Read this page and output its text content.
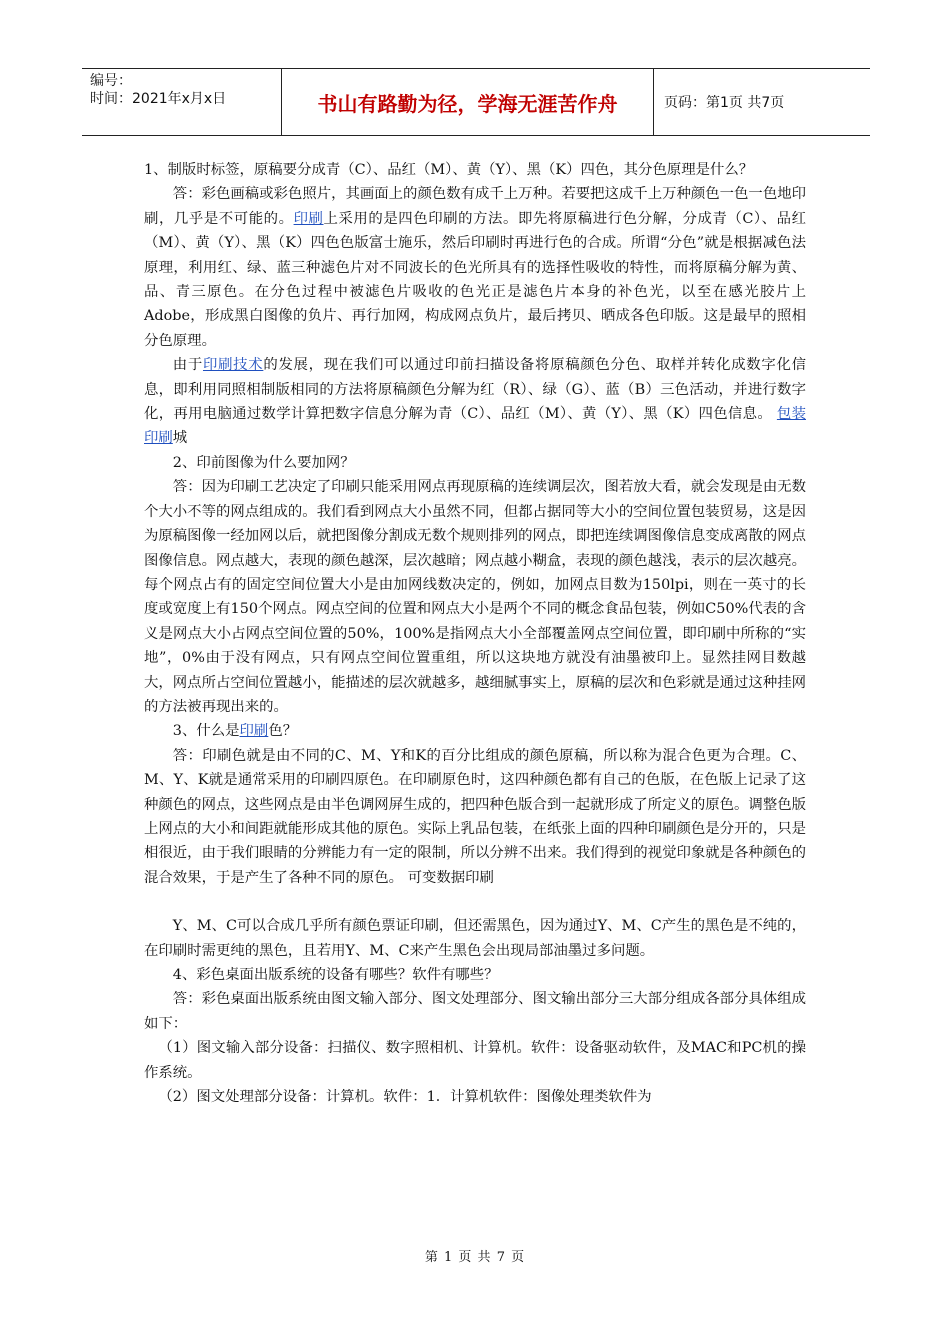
编号：
时间：2021年x月x日	书山有路勤为径，学海无涯苦作舟	页码：第1页 共7页

1、制版时标签，原稿要分成青（C）、品红（M）、黄（Y）、黑（K）四色，其分色原理是什么？

答：彩色画稿或彩色照片，其画面上的颜色数有成千上万种。若要把这成千上万种颜色一色一色地印刷，几乎是不可能的。印刷上采用的是四色印刷的方法。即先将原稿进行色分解，分成青（C）、品红（M）、黄（Y）、黑（K）四色色版富士施乐，然后印刷时再进行色的合成。所谓“分色”就是根据减色法原理，利用红、绿、蓝三种滤色片对不同波长的色光所具有的选择性吸收的特性，而将原稿分解为黄、品、青三原色。在分色过程中被滤色片吸收的色光正是滤色片本身的补色光，以至在感光胶片上Adobe，形成黑白图像的负片、再行加网，构成网点负片，最后拷贝、晒成各色印版。这是最早的照相分色原理。

由于印刷技术的发展，现在我们可以通过印前扫描设备将原稿颜色分色、取样并转化成数字化信息，即利用同照相制版相同的方法将原稿颜色分解为红（R）、绿（G）、蓝（B）三色活动，并进行数字化，再用电脑通过数学计算把数字信息分解为青（C）、品红（M）、黄（Y）、黑（K）四色信息。 包装印刷城

2、印前图像为什么要加网？

答：因为印刷工艺决定了印刷只能采用网点再现原稿的连续调层次，图若放大看，就会发现是由无数个大小不等的网点组成的。我们看到网点大小虽然不同，但都占据同等大小的空间位置包装贸易，这是因为原稿图像一经加网以后，就把图像分割成无数个规则排列的网点，即把连续调图像信息变成离散的网点图像信息。网点越大，表现的颜色越深，层次越暗；网点越小糊盒，表现的颜色越浅，表示的层次越亮。每个网点占有的固定空间位置大小是由加网线数决定的，例如，加网点目数为150lpi，则在一英寸的长度或宽度上有150个网点。网点空间的位置和网点大小是两个不同的概念食品包装，例如C50%代表的含义是网点大小占网点空间位置的50%，100%是指网点大小全部覆盖网点空间位置，即印刷中所称的“实地”，0%由于没有网点，只有网点空间位置重组，所以这块地方就没有油墨被印上。显然挂网目数越大，网点所占空间位置越小，能描述的层次就越多，越细腻事实上，原稿的层次和色彩就是通过这种挂网的方法被再现出来的。

3、什么是印刷色？

答：印刷色就是由不同的C、M、Y和K的百分比组成的颜色原稿，所以称为混合色更为合理。C、M、Y、K就是通常采用的印刷四原色。在印刷原色时，这四种颜色都有自己的色版，在色版上记录了这种颜色的网点，这些网点是由半色调网屏生成的，把四种色版合到一起就形成了所定义的原色。调整色版上网点的大小和间距就能形成其他的原色。实际上乳品包装，在纸张上面的四种印刷颜色是分开的，只是相很近，由于我们眼睛的分辨能力有一定的限制，所以分辨不出来。我们得到的视觉印象就是各种颜色的混合效果，于是产生了各种不同的原色。 可变数据印刷

Y、M、C可以合成几乎所有颜色票证印刷，但还需黑色，因为通过Y、M、C产生的黑色是不纯的，在印刷时需更纯的黑色，且若用Y、M、C来产生黑色会出现局部油墨过多问题。

4、彩色桌面出版系统的设备有哪些？软件有哪些？

答：彩色桌面出版系统由图文输入部分、图文处理部分、图文输出部分三大部分组成各部分具体组成如下：

（1）图文输入部分设备：扫描仪、数字照相机、计算机。软件：设备驱动软件，及MAC和PC机的操作系统。

（2）图文处理部分设备：计算机。软件：1．计算机软件：图像处理类软件为

第 1 页 共 7 页
